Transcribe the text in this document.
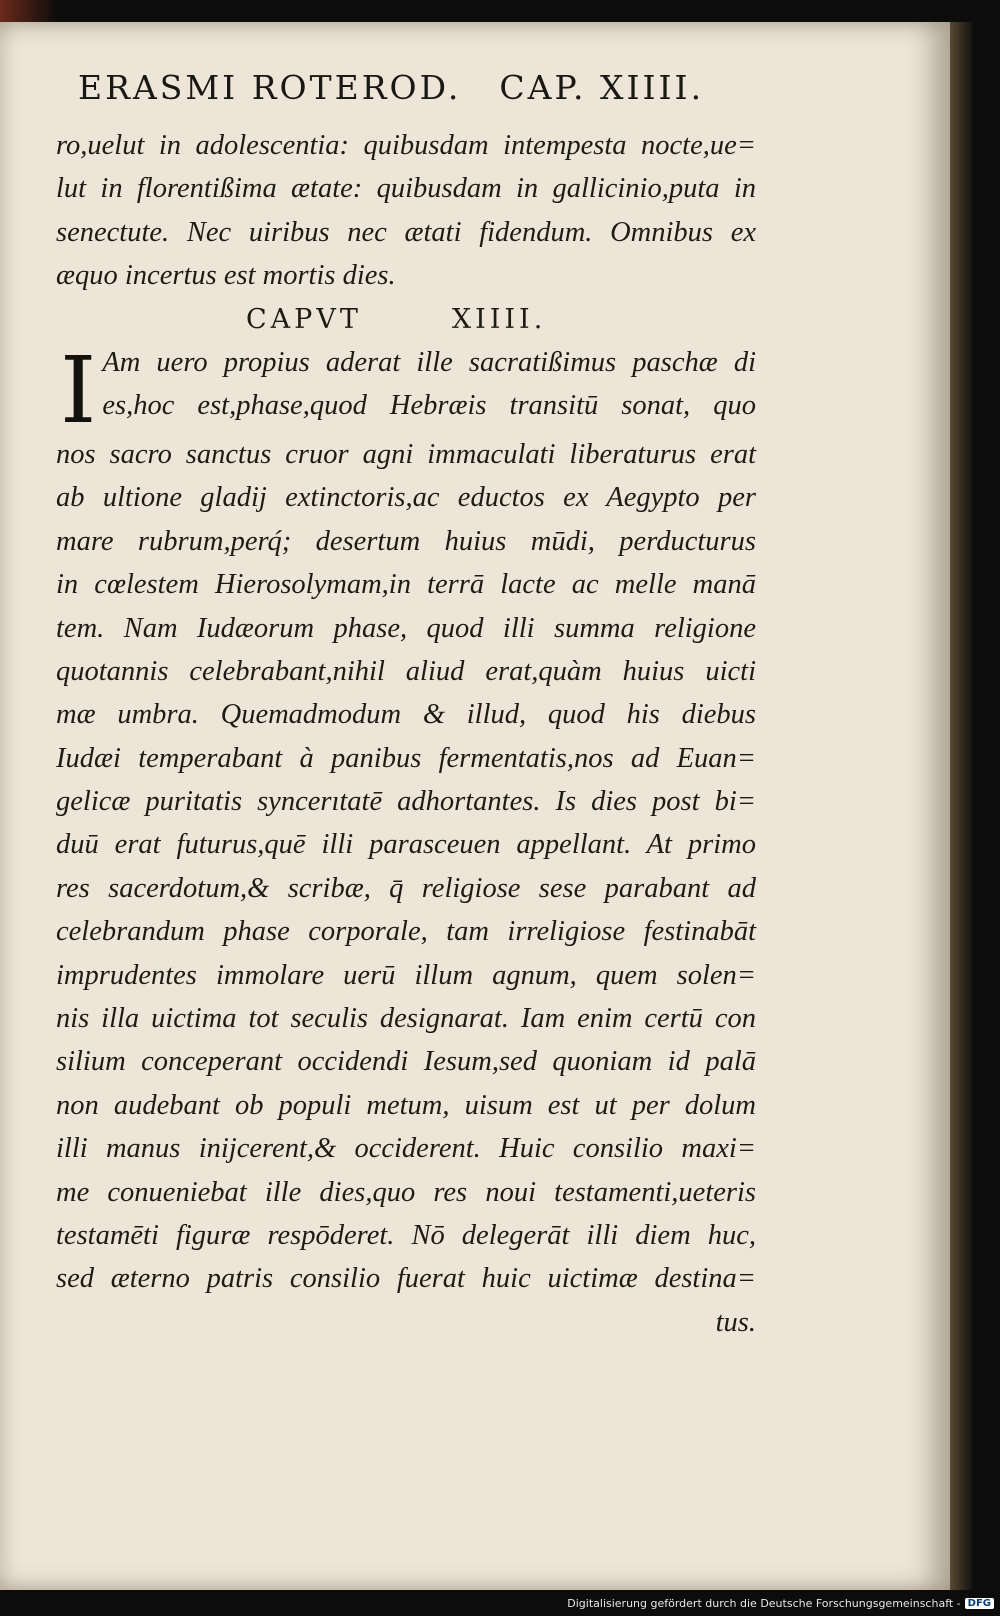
ERASMI ROTEROD. CAP. XIIII.
ro,uelut in adolescentia: quibusdam intempesta nocte,ue=
lut in florentißima ætate: quibusdam in gallicinio,puta in
senectute. Nec uiribus nec ætati fidendum. Omnibus ex
æquo incertus est mortis dies.
CAPVT	XIIII.
I Am uero propius aderat ille sacratißimus paschæ di
es,hoc est,phase,quod Hebræis transitū sonat, quo
nos sacro sanctus cruor agni immaculati liberaturus erat
ab ultione gladij extinctoris,ac eductos ex Aegypto per
mare rubrum,perq́; desertum huius mūdi, perducturus
in cœlestem Hierosolymam,in terrā lacte ac melle manā
tem. Nam Iudæorum phase, quod illi summa religione
quotannis celebrabant,nihil aliud erat,quàm huius uicti
mæ umbra. Quemadmodum & illud, quod his diebus
Iudæi temperabant à panibus fermentatis,nos ad Euan=
gelicæ puritatis syncerıtatē adhortantes. Is dies post bi=
duū erat futurus,quē illi parasceuen appellant. At primo
res sacerdotum,& scribæ, q̄ religiose sese parabant ad
celebrandum phase corporale, tam irreligiose festinabāt
imprudentes immolare uerū illum agnum, quem solen=
nis illa uictima tot seculis designarat. Iam enim certū con
silium conceperant occidendi Iesum,sed quoniam id palā
non audebant ob populi metum, uisum est ut per dolum
illi manus inijcerent,& occiderent. Huic consilio maxi=
me conueniebat ille dies,quo res noui testamenti,ueteris
testamēti figuræ respōderet. Nō delegerāt illi diem huc,
sed æterno patris consilio fuerat huic uictimæ destina=
tus.
Digitalisierung gefördert durch die Deutsche Forschungsgemeinschaft - DFG
